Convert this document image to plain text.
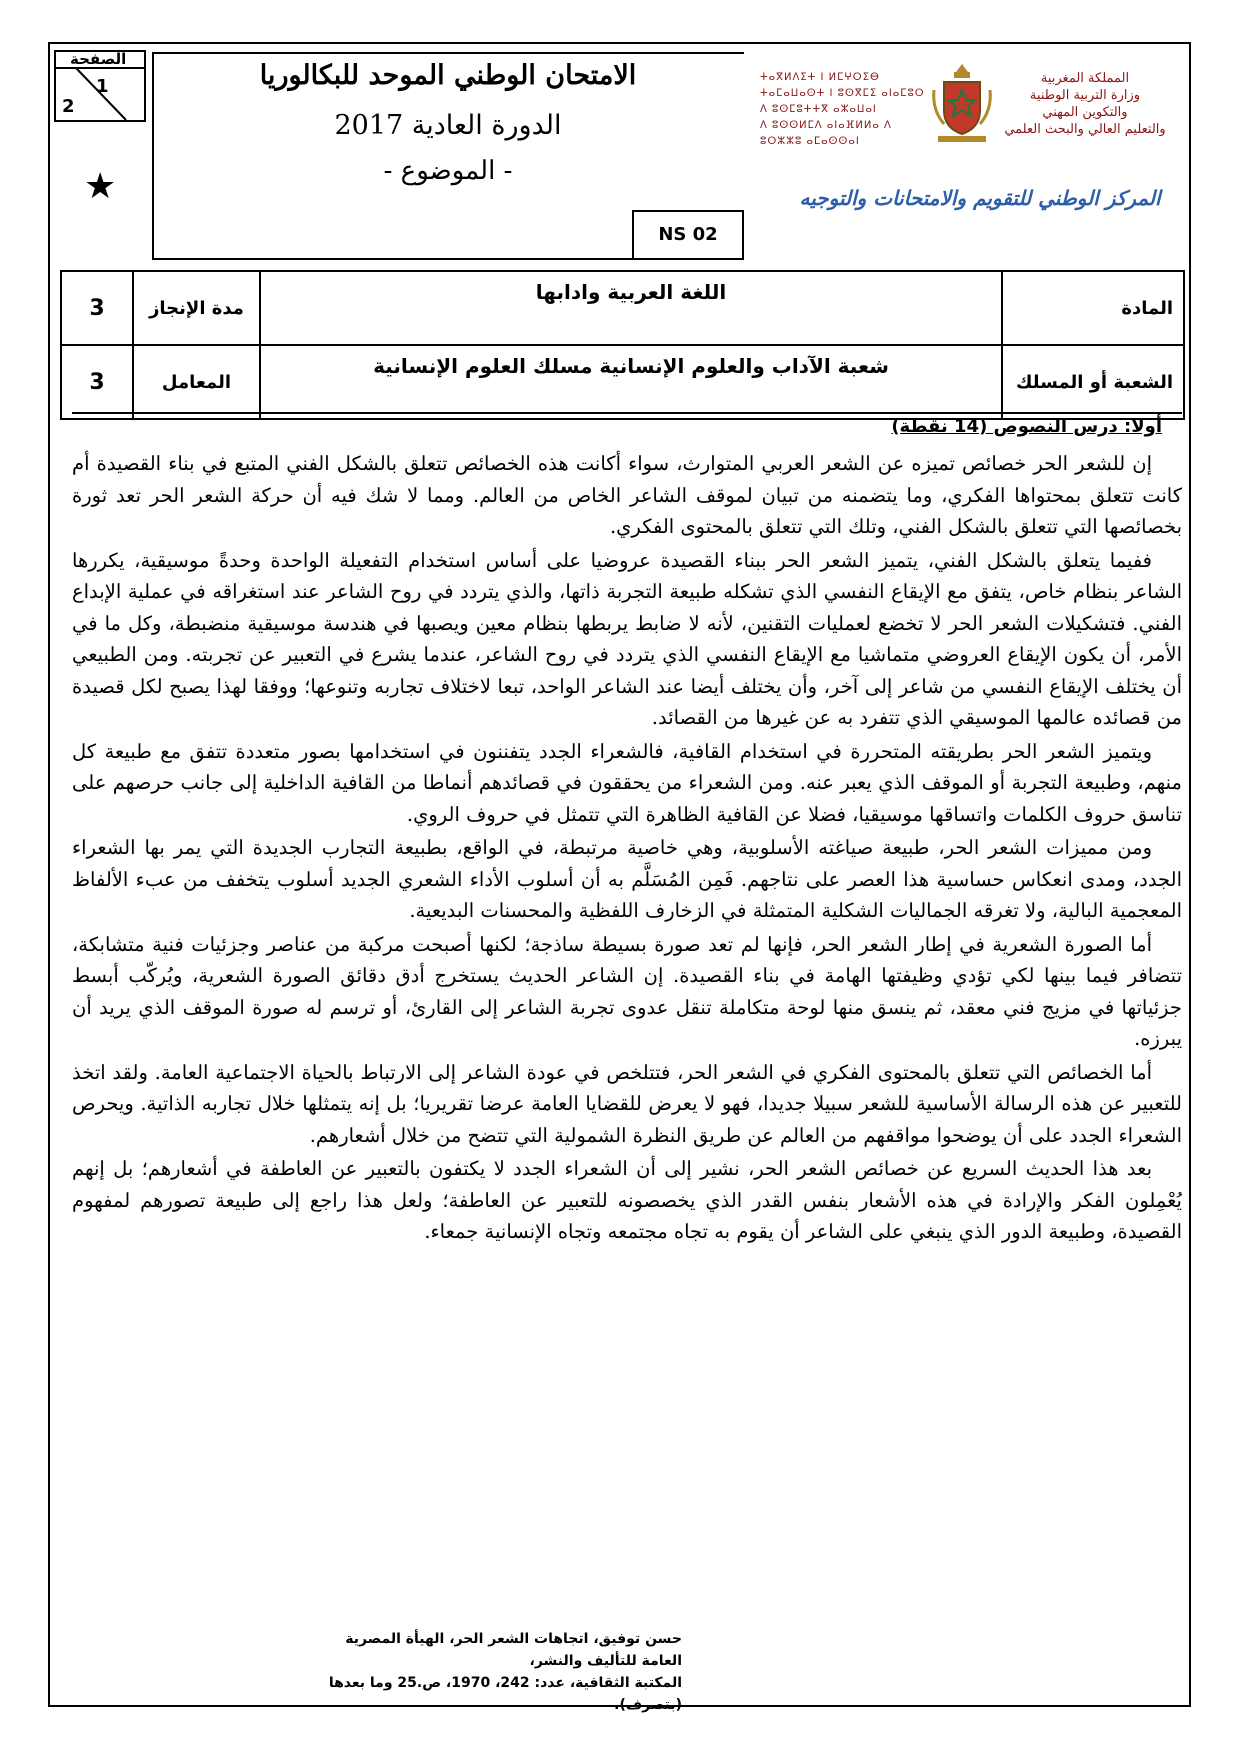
الصفحة
1
2
★
الامتحان الوطني الموحد للبكالوريا
الدورة العادية 2017
- الموضوع -
NS 02
ⵜⴰⴳⵍⴷⵉⵜ ⵏ ⵍⵎⵖⵔⵉⴱ
ⵜⴰⵎⴰⵡⴰⵙⵜ ⵏ ⵓⵙⴳⵎⵉ ⴰⵏⴰⵎⵓⵔ
ⴷ ⵓⵙⵎⵓⵜⵜⴳ ⴰⵣⴰⵡⴰⵏ
ⴷ ⵓⵙⵙⵍⵎⴷ ⴰⵏⴰⴼⵍⵍⴰ ⴷ ⵓⵔⵣⵣⵓ ⴰⵎⴰⵙⵙⴰⵏ
المملكة المغربية
وزارة التربية الوطنية
والتكوين المهني
والتعليم العالي والبحث العلمي
المركز الوطني للتقويم والامتحانات والتوجيه
3	مدة الإنجاز	اللغة العربية وادابها	المادة
3	المعامل	شعبة الآداب والعلوم الإنسانية مسلك العلوم الإنسانية	الشعبة أو المسلك
أولا: درس النصوص (14 نقطة)

إن للشعر الحر خصائص تميزه عن الشعر العربي المتوارث، سواء أكانت هذه الخصائص تتعلق بالشكل الفني المتبع في بناء القصيدة أم كانت تتعلق بمحتواها الفكري، وما يتضمنه من تبيان لموقف الشاعر الخاص من العالم. ومما لا شك فيه أن حركة الشعر الحر تعد ثورة بخصائصها التي تتعلق بالشكل الفني، وتلك التي تتعلق بالمحتوى الفكري.

ففيما يتعلق بالشكل الفني، يتميز الشعر الحر ببناء القصيدة عروضيا على أساس استخدام التفعيلة الواحدة وحدةً موسيقية، يكررها الشاعر بنظام خاص، يتفق مع الإيقاع النفسي الذي تشكله طبيعة التجربة ذاتها، والذي يتردد في روح الشاعر عند استغراقه في عملية الإبداع الفني. فتشكيلات الشعر الحر لا تخضع لعمليات التقنين، لأنه لا ضابط يربطها بنظام معين ويصبها في هندسة موسيقية منضبطة، وكل ما في الأمر، أن يكون الإيقاع العروضي متماشيا مع الإيقاع النفسي الذي يتردد في روح الشاعر، عندما يشرع في التعبير عن تجربته. ومن الطبيعي أن يختلف الإيقاع النفسي من شاعر إلى آخر، وأن يختلف أيضا عند الشاعر الواحد، تبعا لاختلاف تجاربه وتنوعها؛ ووفقا لهذا يصبح لكل قصيدة من قصائده عالمها الموسيقي الذي تتفرد به عن غيرها من القصائد.

ويتميز الشعر الحر بطريقته المتحررة في استخدام القافية، فالشعراء الجدد يتفننون في استخدامها بصور متعددة تتفق مع طبيعة كل منهم، وطبيعة التجربة أو الموقف الذي يعبر عنه. ومن الشعراء من يحققون في قصائدهم أنماطا من القافية الداخلية إلى جانب حرصهم على تناسق حروف الكلمات واتساقها موسيقيا، فضلا عن القافية الظاهرة التي تتمثل في حروف الروي.

ومن مميزات الشعر الحر، طبيعة صياغته الأسلوبية، وهي خاصية مرتبطة، في الواقع، بطبيعة التجارب الجديدة التي يمر بها الشعراء الجدد، ومدى انعكاس حساسية هذا العصر على نتاجهم. فَمِن المُسَلَّم به أن أسلوب الأداء الشعري الجديد أسلوب يتخفف من عبء الألفاظ المعجمية البالية، ولا تغرقه الجماليات الشكلية المتمثلة في الزخارف اللفظية والمحسنات البديعية.

أما الصورة الشعرية في إطار الشعر الحر، فإنها لم تعد صورة بسيطة ساذجة؛ لكنها أصبحت مركبة من عناصر وجزئيات فنية متشابكة، تتضافر فيما بينها لكي تؤدي وظيفتها الهامة في بناء القصيدة. إن الشاعر الحديث يستخرج أدق دقائق الصورة الشعرية، ويُركّب أبسط جزئياتها في مزيج فني معقد، ثم ينسق منها لوحة متكاملة تنقل عدوى تجربة الشاعر إلى القارئ، أو ترسم له صورة الموقف الذي يريد أن يبرزه.

أما الخصائص التي تتعلق بالمحتوى الفكري في الشعر الحر، فتتلخص في عودة الشاعر إلى الارتباط بالحياة الاجتماعية العامة. ولقد اتخذ للتعبير عن هذه الرسالة الأساسية للشعر سبيلا جديدا، فهو لا يعرض للقضايا العامة عرضا تقريريا؛ بل إنه يتمثلها خلال تجاربه الذاتية. ويحرص الشعراء الجدد على أن يوضحوا مواقفهم من العالم عن طريق النظرة الشمولية التي تتضح من خلال أشعارهم.

بعد هذا الحديث السريع عن خصائص الشعر الحر، نشير إلى أن الشعراء الجدد لا يكتفون بالتعبير عن العاطفة في أشعارهم؛ بل إنهم يُعْمِلون الفكر والإرادة في هذه الأشعار بنفس القدر الذي يخصصونه للتعبير عن العاطفة؛ ولعل هذا راجع إلى طبيعة تصورهم لمفهوم القصيدة، وطبيعة الدور الذي ينبغي على الشاعر أن يقوم به تجاه مجتمعه وتجاه الإنسانية جمعاء.

حسن توفيق، اتجاهات الشعر الحر، الهيأة المصرية العامة للتأليف والنشر،
المكتبة الثقافية، عدد: 242، 1970، ص.25 وما بعدها (بتصرف).
